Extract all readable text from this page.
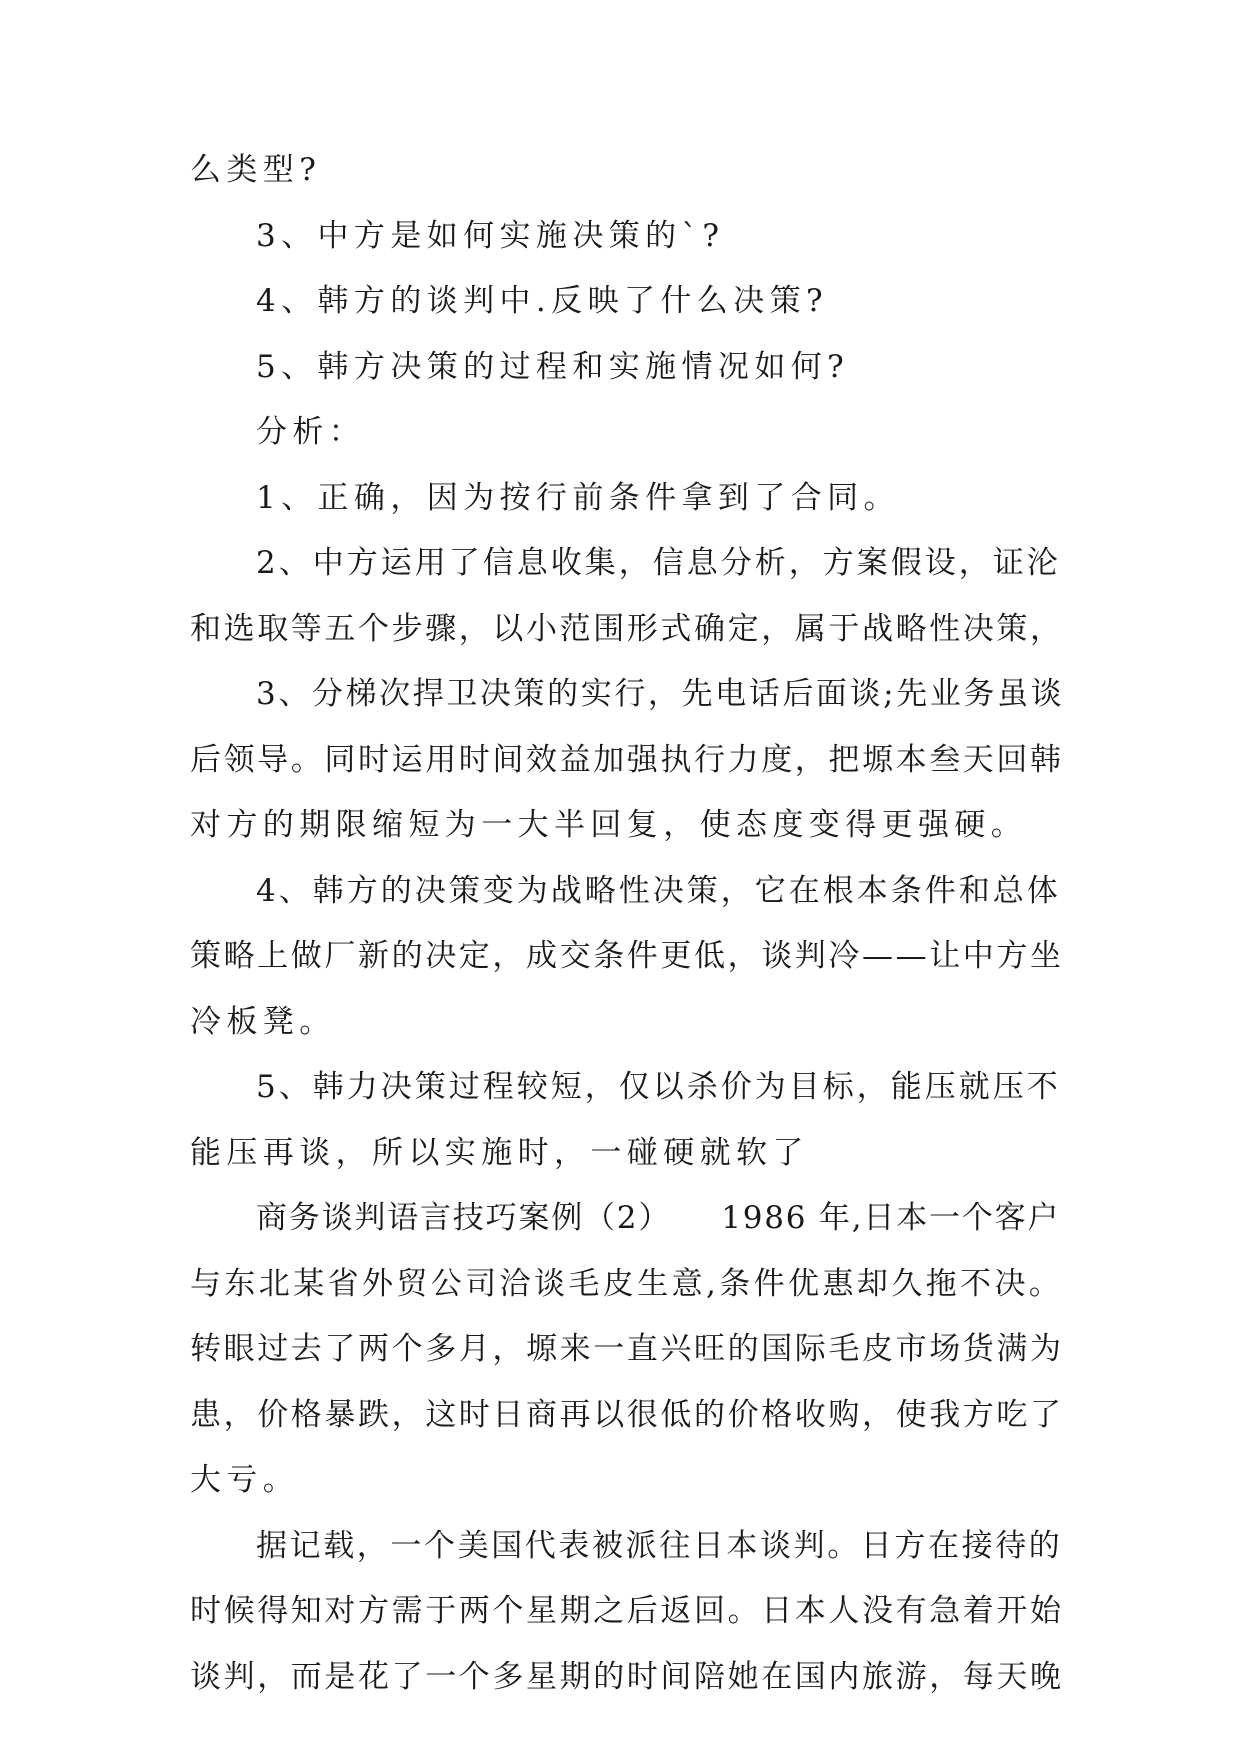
么类型?
3、中方是如何实施决策的`?
4、韩方的谈判中.反映了什么决策?
5、韩方决策的过程和实施情况如何?
分析：
1、正确，因为按行前条件拿到了合同。
2、中方运用了信息收集，信息分析，方案假设，证沦
和选取等五个步骤，以小范围形式确定，属于战略性决策，
3、分梯次捍卫决策的实行，先电话后面谈;先业务虽谈
后领导。同时运用时间效益加强执行力度，把塬本叁天回韩
对方的期限缩短为一大半回复，使态度变得更强硬。
4、韩方的决策变为战略性决策，它在根本条件和总体
策略上做厂新的决定，成交条件更低，谈判冷——让中方坐
冷板凳。
5、韩力决策过程较短，仅以杀价为目标，能压就压不
能压再谈，所以实施时，一碰硬就软了
商务谈判语言技巧案例（2）　　1986 年,日本一个客户
与东北某省外贸公司洽谈毛皮生意,条件优惠却久拖不决。
转眼过去了两个多月，塬来一直兴旺的国际毛皮市场货满为
患，价格暴跌，这时日商再以很低的价格收购，使我方吃了
大亏。
据记载，一个美国代表被派往日本谈判。日方在接待的
时候得知对方需于两个星期之后返回。日本人没有急着开始
谈判，而是花了一个多星期的时间陪她在国内旅游，每天晚
